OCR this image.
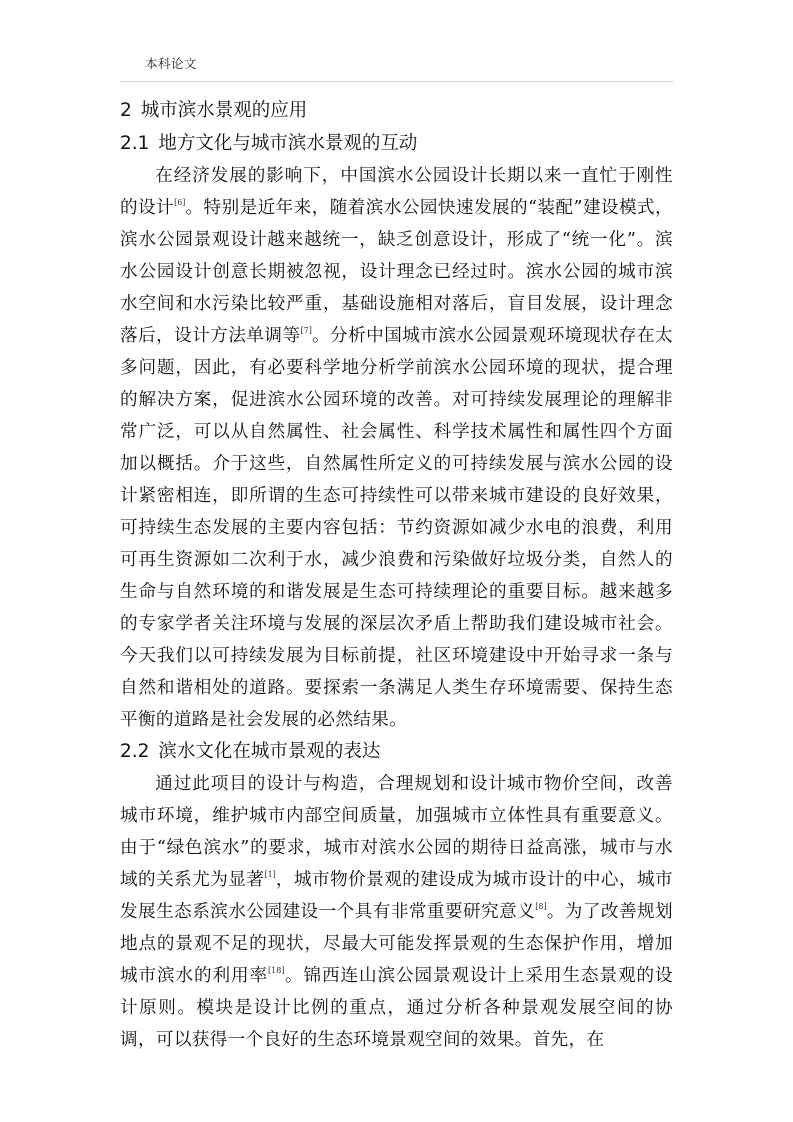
本科论文
2 城市滨水景观的应用
2.1 地方文化与城市滨水景观的互动

在经济发展的影响下，中国滨水公园设计长期以来一直忙于刚性的设计[6]。特别是近年来，随着滨水公园快速发展的“装配”建设模式，滨水公园景观设计越来越统一，缺乏创意设计，形成了“统一化”。滨水公园设计创意长期被忽视，设计理念已经过时。滨水公园的城市滨水空间和水污染比较严重，基础设施相对落后，盲目发展，设计理念落后，设计方法单调等[7]。分析中国城市滨水公园景观环境现状存在太多问题，因此，有必要科学地分析学前滨水公园环境的现状，提合理的解决方案，促进滨水公园环境的改善。对可持续发展理论的理解非常广泛，可以从自然属性、社会属性、科学技术属性和属性四个方面加以概括。介于这些，自然属性所定义的可持续发展与滨水公园的设计紧密相连，即所谓的生态可持续性可以带来城市建设的良好效果，可持续生态发展的主要内容包括：节约资源如减少水电的浪费，利用可再生资源如二次利于水，减少浪费和污染做好垃圾分类，自然人的生命与自然环境的和谐发展是生态可持续理论的重要目标。越来越多的专家学者关注环境与发展的深层次矛盾上帮助我们建设城市社会。今天我们以可持续发展为目标前提，社区环境建设中开始寻求一条与自然和谐相处的道路。要探索一条满足人类生存环境需要、保持生态平衡的道路是社会发展的必然结果。

2.2 滨水文化在城市景观的表达

通过此项目的设计与构造，合理规划和设计城市物价空间，改善城市环境，维护城市内部空间质量，加强城市立体性具有重要意义。由于“绿色滨水”的要求，城市对滨水公园的期待日益高涨，城市与水域的关系尤为显著[1]，城市物价景观的建设成为城市设计的中心，城市发展生态系滨水公园建设一个具有非常重要研究意义[8]。为了改善规划地点的景观不足的现状，尽最大可能发挥景观的生态保护作用，增加城市滨水的利用率[18]。锦西连山滨公园景观设计上采用生态景观的设计原则。模块是设计比例的重点，通过分析各种景观发展空间的协调，可以获得一个良好的生态环境景观空间的效果。首先，在
